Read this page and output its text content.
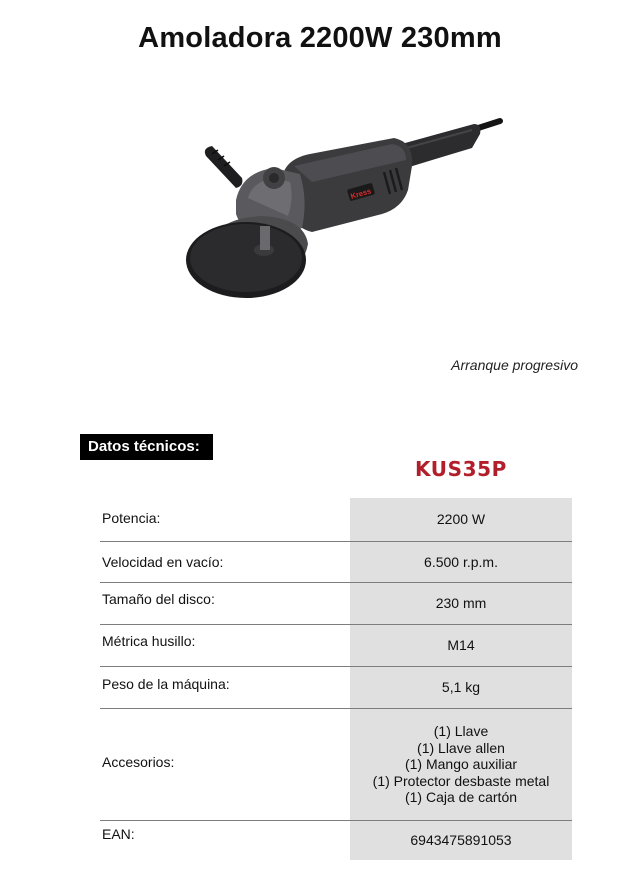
Amoladora 2200W 230mm
Kress
Arranque progresivo
Datos técnicos:
KUS35P
Potencia:	2200 W
Velocidad en vacío:	6.500 r.p.m.
Tamaño del disco:	230 mm
Métrica husillo:	M14
Peso de la máquina:	5,1 kg
Accesorios:
(1) Llave
(1) Llave allen
(1) Mango auxiliar
(1) Protector desbaste metal
(1) Caja de cartón
EAN:	6943475891053
